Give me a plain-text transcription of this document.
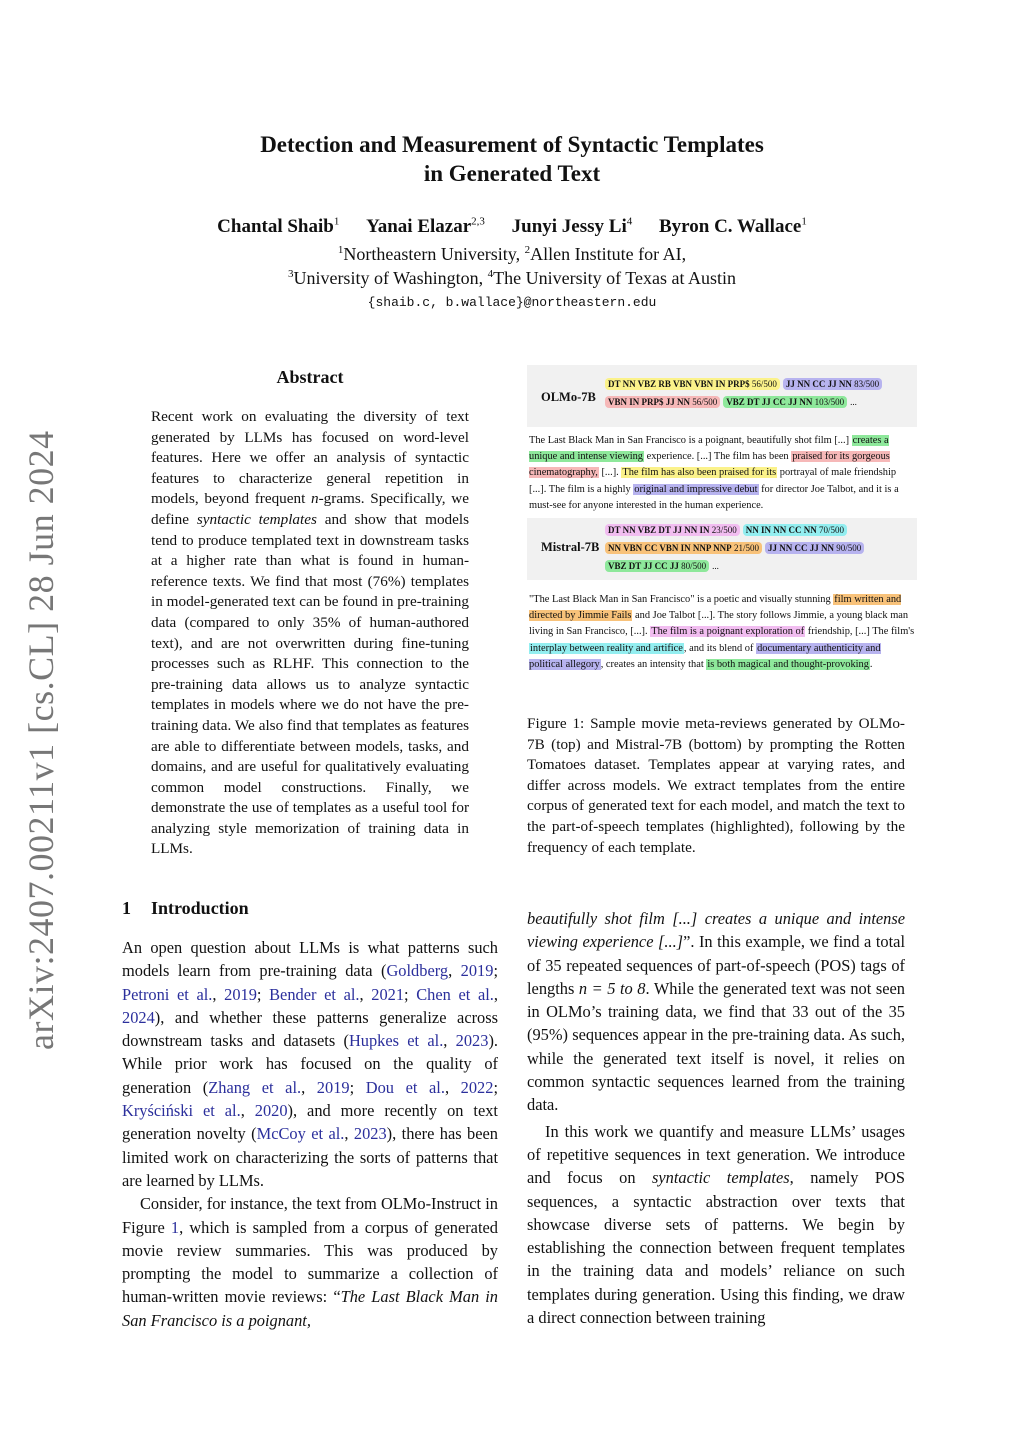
arXiv:2407.00211v1 [cs.CL] 28 Jun 2024
Detection and Measurement of Syntactic Templates
in Generated Text
Chantal Shaib$^1$ Yanai Elazar$^{2,3}$ Junyi Jessy Li$^4$ Byron C. Wallace$^1$
$^1$Northeastern University, $^2$Allen Institute for AI,
$^3$University of Washington, $^4$The University of Texas at Austin
{shaib.c, b.wallace}@northeastern.edu
Abstract
Recent work on evaluating the diversity of text generated by LLMs has focused on word-level features. Here we offer an analysis of syntactic features to characterize general repetition in models, beyond frequent n-grams. Specifically, we define syntactic templates and show that models tend to produce templated text in downstream tasks at a higher rate than what is found in human-reference texts. We find that most (76%) templates in model-generated text can be found in pre-training data (compared to only 35% of human-authored text), and are not overwritten during fine-tuning processes such as RLHF. This connection to the pre-training data allows us to analyze syntactic templates in models where we do not have the pre-training data. We also find that templates as features are able to differentiate between models, tasks, and domains, and are useful for qualitatively evaluating common model constructions. Finally, we demonstrate the use of templates as a useful tool for analyzing style memorization of training data in LLMs.
1 Introduction
An open question about LLMs is what patterns such models learn from pre-training data (Goldberg, 2019; Petroni et al., 2019; Bender et al., 2021; Chen et al., 2024), and whether these patterns generalize across downstream tasks and datasets (Hupkes et al., 2023). While prior work has focused on the quality of generation (Zhang et al., 2019; Dou et al., 2022; Kryściński et al., 2020), and more recently on text generation novelty (McCoy et al., 2023), there has been limited work on characterizing the sorts of patterns that are learned by LLMs.
Consider, for instance, the text from OLMo-Instruct in Figure 1, which is sampled from a corpus of generated movie review summaries. This was produced by prompting the model to summarize a collection of human-written movie reviews: “The Last Black Man in San Francisco is a poignant,
beautifully shot film [...] creates a unique and intense viewing experience [...]”. In this example, we find a total of 35 repeated sequences of part-of-speech (POS) tags of lengths n = 5 to 8. While the generated text was not seen in OLMo’s training data, we find that 33 out of the 35 (95%) sequences appear in the pre-training data. As such, while the generated text itself is novel, it relies on common syntactic sequences learned from the training data.
In this work we quantify and measure LLMs’ usages of repetitive sequences in text generation. We introduce and focus on syntactic templates, namely POS sequences, a syntactic abstraction over texts that showcase diverse sets of patterns. We begin by establishing the connection between frequent templates in the training data and models’ reliance on such templates during generation. Using this finding, we draw a direct connection between training
OLMo-7B
DT NN VBZ RB VBN VBN IN PRP$ 56/500 JJ NN CC JJ NN 83/500
VBN IN PRP$ JJ NN 56/500 VBZ DT JJ CC JJ NN 103/500 ...
The Last Black Man in San Francisco is a poignant, beautifully shot film [...] creates a unique and intense viewing experience. [...] The film has been praised for its gorgeous cinematography, [...]. The film has also been praised for its portrayal of male friendship [...]. The film is a highly original and impressive debut for director Joe Talbot, and it is a must-see for anyone interested in the human experience.
Mistral-7B
DT NN VBZ DT JJ NN IN 23/500 NN IN NN CC NN 70/500
NN VBN CC VBN IN NNP NNP 21/500 JJ NN CC JJ NN 90/500
VBZ DT JJ CC JJ 80/500 ...
"The Last Black Man in San Francisco" is a poetic and visually stunning film written and directed by Jimmie Fails and Joe Talbot [...]. The story follows Jimmie, a young black man living in San Francisco, [...]. The film is a poignant exploration of friendship, [...] The film's interplay between reality and artifice, and its blend of documentary authenticity and political allegory, creates an intensity that is both magical and thought-provoking.
Figure 1: Sample movie meta-reviews generated by OLMo-7B (top) and Mistral-7B (bottom) by prompting the Rotten Tomatoes dataset. Templates appear at varying rates, and differ across models. We extract templates from the entire corpus of generated text for each model, and match the text to the part-of-speech templates (highlighted), following by the frequency of each template.
